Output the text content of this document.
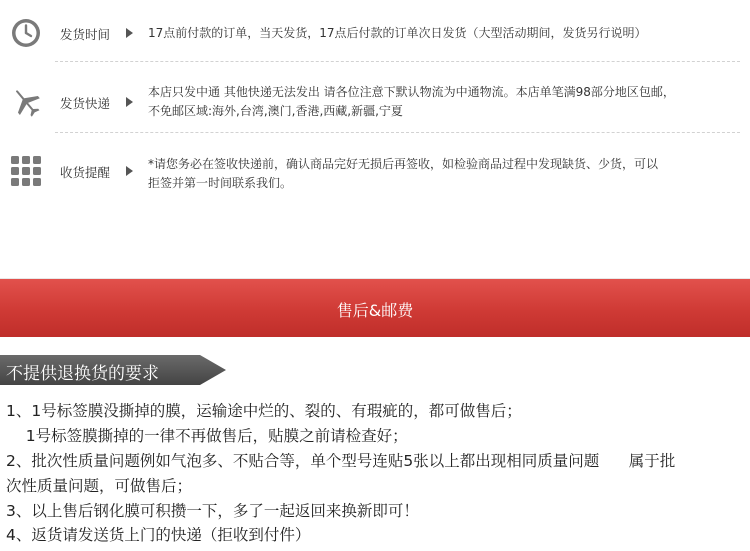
发货时间	17点前付款的订单，当天发货，17点后付款的订单次日发货（大型活动期间，发货另行说明）
发货快递
本店只发中通 其他快递无法发出 请各位注意下默认物流为中通物流。本店单笔满98部分地区包邮，
不免邮区域:海外,台湾,澳门,香港,西藏,新疆,宁夏
收货提醒
*请您务必在签收快递前，确认商品完好无损后再签收，如检验商品过程中发现缺货、少货，可以
拒签并第一时间联系我们。
售后&邮费
不提供退换货的要求
1、1号标签膜没撕掉的膜，运输途中烂的、裂的、有瑕疵的，都可做售后；
1号标签膜撕掉的一律不再做售后，贴膜之前请检查好；
2、批次性质量问题例如气泡多、不贴合等，单个型号连贴5张以上都出现相同质量问题      属于批
次性质量问题，可做售后；
3、以上售后钢化膜可积攒一下，多了一起返回来换新即可！
4、返货请发送货上门的快递（拒收到付件）
